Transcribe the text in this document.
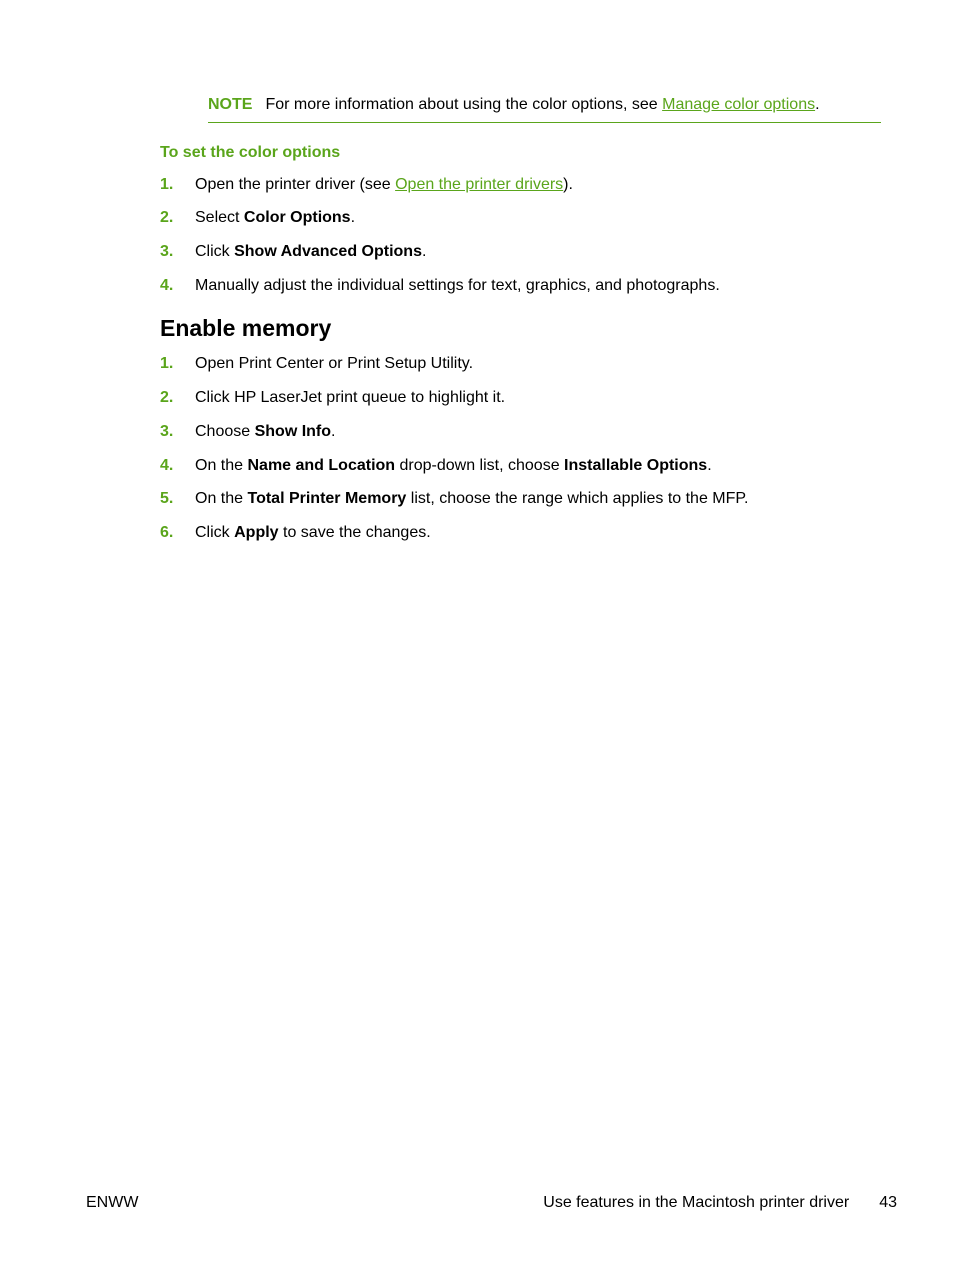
NOTE For more information about using the color options, see Manage color options.
To set the color options
1. Open the printer driver (see Open the printer drivers).
2. Select Color Options.
3. Click Show Advanced Options.
4. Manually adjust the individual settings for text, graphics, and photographs.
Enable memory
1. Open Print Center or Print Setup Utility.
2. Click HP LaserJet print queue to highlight it.
3. Choose Show Info.
4. On the Name and Location drop-down list, choose Installable Options.
5. On the Total Printer Memory list, choose the range which applies to the MFP.
6. Click Apply to save the changes.
ENWW	Use features in the Macintosh printer driver 43
